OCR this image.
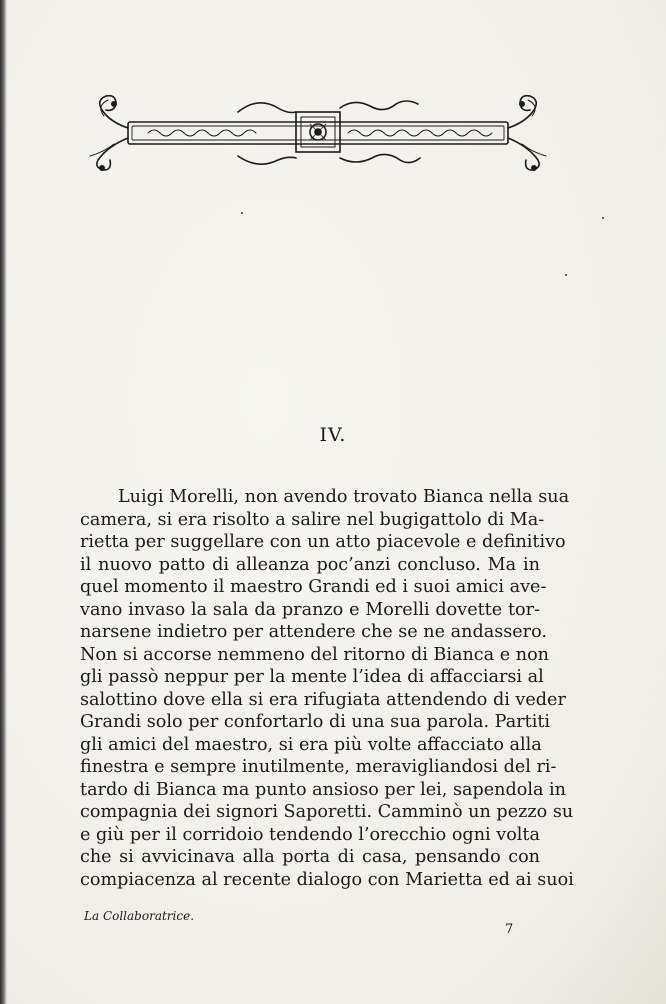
IV.
Luigi Morelli, non avendo trovato Bianca nella sua
camera, si era risolto a salire nel bugigattolo di Ma-
rietta per suggellare con un atto piacevole e definitivo
il nuovo patto di alleanza poc’anzi concluso. Ma in
quel momento il maestro Grandi ed i suoi amici ave-
vano invaso la sala da pranzo e Morelli dovette tor-
narsene indietro per attendere che se ne andassero.
Non si accorse nemmeno del ritorno di Bianca e non
gli passò neppur per la mente l’idea di affacciarsi al
salottino dove ella si era rifugiata attendendo di veder
Grandi solo per confortarlo di una sua parola. Partiti
gli amici del maestro, si era più volte affacciato alla
finestra e sempre inutilmente, meravigliandosi del ri-
tardo di Bianca ma punto ansioso per lei, sapendola in
compagnia dei signori Saporetti. Camminò un pezzo su
e giù per il corridoio tendendo l’orecchio ogni volta
che si avvicinava alla porta di casa, pensando con
compiacenza al recente dialogo con Marietta ed ai suoi
La Collaboratrice.
7
